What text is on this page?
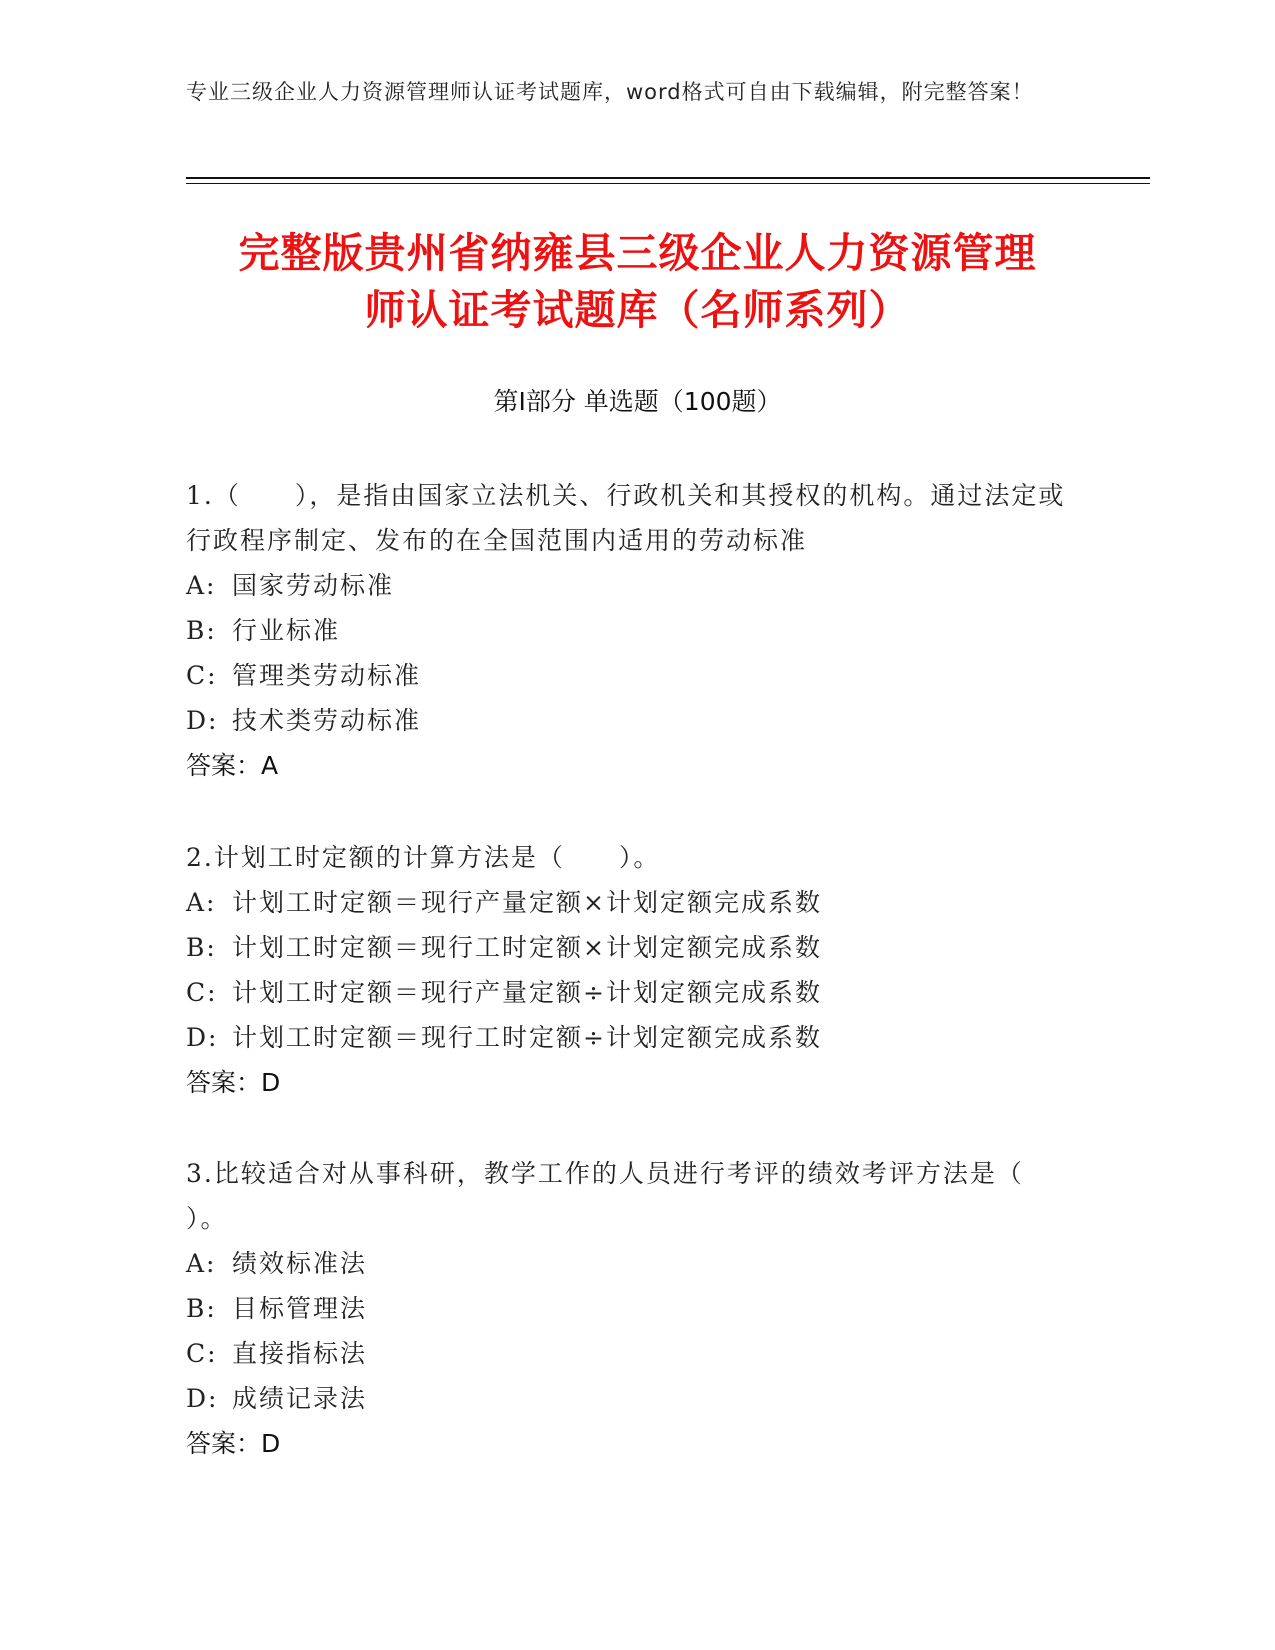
专业三级企业人力资源管理师认证考试题库，word格式可自由下载编辑，附完整答案！
完整版贵州省纳雍县三级企业人力资源管理
师认证考试题库（名师系列）
第I部分 单选题（100题）

1.（　　），是指由国家立法机关、行政机关和其授权的机构。通过法定或行政程序制定、发布的在全国范围内适用的劳动标准

A: 国家劳动标准

B: 行业标准

C: 管理类劳动标准

D: 技术类劳动标准

答案：A

2.计划工时定额的计算方法是（　　）。

A: 计划工时定额＝现行产量定额×计划定额完成系数

B: 计划工时定额＝现行工时定额×计划定额完成系数

C: 计划工时定额＝现行产量定额÷计划定额完成系数

D: 计划工时定额＝现行工时定额÷计划定额完成系数

答案：D

3.比较适合对从事科研，教学工作的人员进行考评的绩效考评方法是（ ）。

A: 绩效标准法

B: 目标管理法

C: 直接指标法

D: 成绩记录法

答案：D
